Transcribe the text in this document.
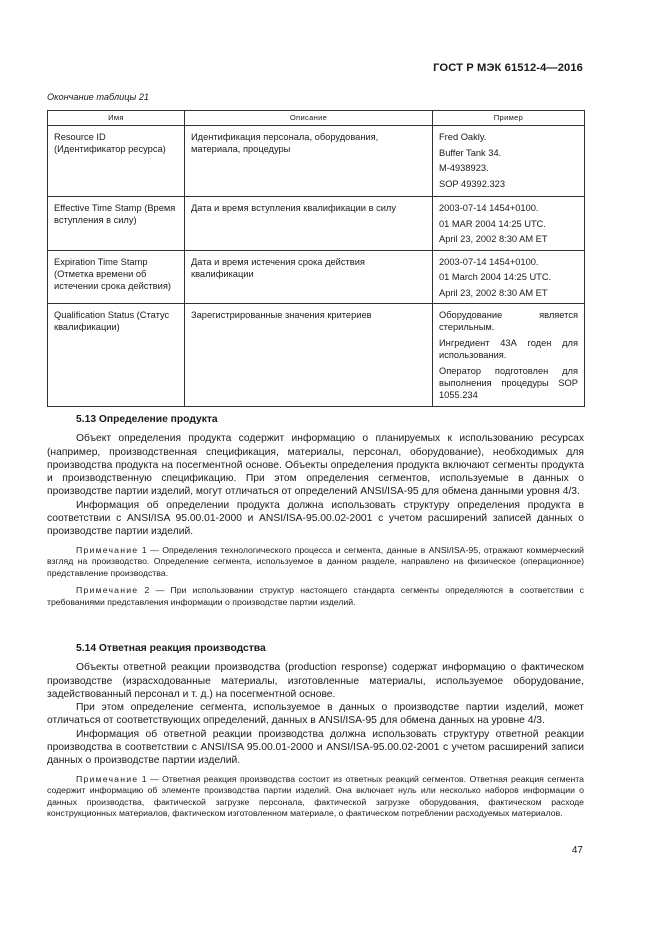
ГОСТ Р МЭК 61512-4—2016
Окончание таблицы 21
Имя	Описание	Пример
Resource ID (Идентификатор ресурса)	Идентификация персонала, оборудования, материала, процедуры	Fred Oakly.
Buffer Tank 34.
M-4938923.
SOP 49392.323

Effective Time Stamp (Время вступления в силу)	Дата и время вступления квалификации в силу	2003-07-14 1454+0100.
01 MAR 2004 14:25 UTC.
April 23, 2002 8:30 AM ET

Expiration Time Stamp (Отметка времени об истечении срока действия)	Дата и время истечения срока действия квалификации	2003-07-14 1454+0100.
01 March 2004 14:25 UTC.
April 23, 2002 8:30 AM ET

Qualification Status (Статус квалификации)	Зарегистрированные значения критериев	Оборудование является стерильным.
Ингредиент 43А годен для использования.
Оператор подготовлен для выполнения процедуры SOP 1055.234
5.13 Определение продукта

Объект определения продукта содержит информацию о планируемых к использованию ресурсах (например, производственная спецификация, материалы, персонал, оборудование), необходимых для производства продукта на посегментной основе. Объекты определения продукта включают сегменты продукта и производственную спецификацию. При этом определения сегментов, используемые в данных о производстве партии изделий, могут отличаться от определений ANSI/ISA-95 для обмена данными уровня 4/3.

Информация об определении продукта должна использовать структуру определения продукта в соответствии с ANSI/ISA 95.00.01-2000 и ANSI/ISA-95.00.02-2001 с учетом расширений записей данных о производстве партии изделий.

Примечание 1 — Определения технологического процесса и сегмента, данные в ANSI/ISA-95, отражают коммерческий взгляд на производство. Определение сегмента, используемое в данном разделе, направлено на физическое (операционное) представление производства.

Примечание 2 — При использовании структур настоящего стандарта сегменты определяются в соответствии с требованиями представления информации о производстве партии изделий.

5.14 Ответная реакция производства

Объекты ответной реакции производства (production response) содержат информацию о фактическом производстве (израсходованные материалы, изготовленные материалы, используемое оборудование, задействованный персонал и т. д.) на посегментной основе.

При этом определение сегмента, используемое в данных о производстве партии изделий, может отличаться от соответствующих определений, данных в ANSI/ISA-95 для обмена данных на уровне 4/3.

Информация об ответной реакции производства должна использовать структуру ответной реакции производства в соответствии с ANSI/ISA 95.00.01-2000 и ANSI/ISA-95.00.02-2001 с учетом расширений записи данных о производстве партии изделий.

Примечание 1 — Ответная реакция производства состоит из ответных реакций сегментов. Ответная реакция сегмента содержит информацию об элементе производства партии изделий. Она включает нуль или несколько наборов информации о данных производства, фактической загрузке персонала, фактической загрузке оборудования, фактическом расходе конструкционных материалов, фактическом изготовленном материале, о фактическом потреблении расходуемых материалов.

47
